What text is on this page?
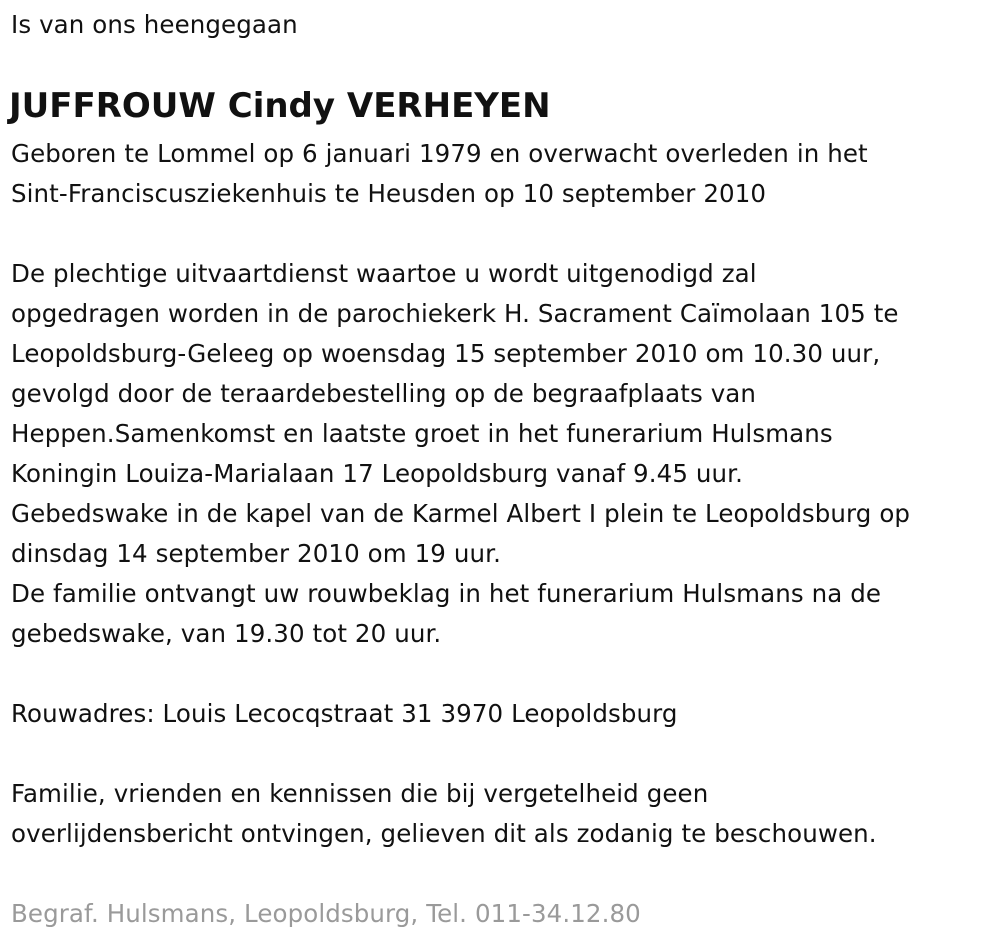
Is van ons heengegaan
JUFFROUW Cindy VERHEYEN
Geboren te Lommel op 6 januari 1979 en overwacht overleden in het
Sint-Franciscusziekenhuis te Heusden op 10 september 2010
De plechtige uitvaartdienst waartoe u wordt uitgenodigd zal
opgedragen worden in de parochiekerk H. Sacrament Caïmolaan 105 te
Leopoldsburg-Geleeg op woensdag 15 september 2010 om 10.30 uur,
gevolgd door de teraardebestelling op de begraafplaats van
Heppen.Samenkomst en laatste groet in het funerarium Hulsmans
Koningin Louiza-Marialaan 17 Leopoldsburg vanaf 9.45 uur.
Gebedswake in de kapel van de Karmel Albert I plein te Leopoldsburg op
dinsdag 14 september 2010 om 19 uur.
De familie ontvangt uw rouwbeklag in het funerarium Hulsmans na de
gebedswake, van 19.30 tot 20 uur.
Rouwadres: Louis Lecocqstraat 31 3970 Leopoldsburg
Familie, vrienden en kennissen die bij vergetelheid geen
overlijdensbericht ontvingen, gelieven dit als zodanig te beschouwen.
Begraf. Hulsmans, Leopoldsburg, Tel. 011-34.12.80
